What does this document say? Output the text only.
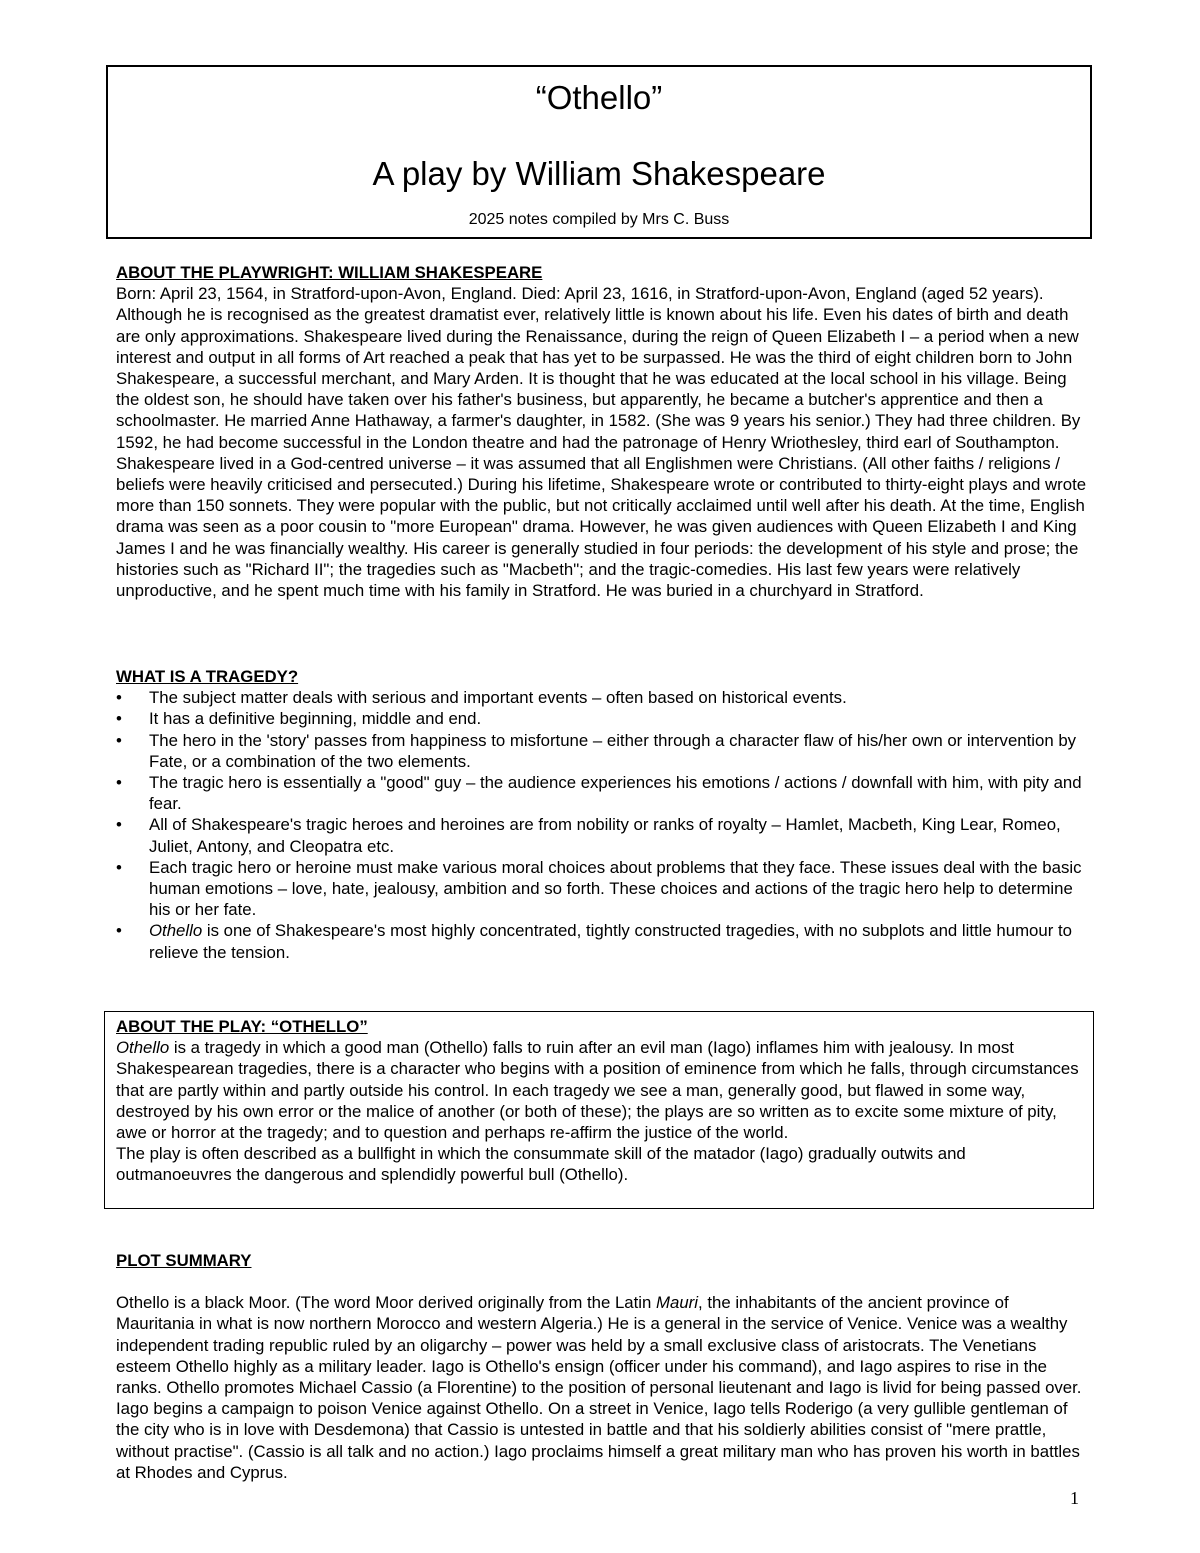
“Othello”
A play by William Shakespeare
2025 notes compiled by Mrs C. Buss
ABOUT THE PLAYWRIGHT: WILLIAM SHAKESPEARE

Born: April 23, 1564, in Stratford-upon-Avon, England. Died: April 23, 1616, in Stratford-upon-Avon, England (aged 52 years). Although he is recognised as the greatest dramatist ever, relatively little is known about his life. Even his dates of birth and death are only approximations. Shakespeare lived during the Renaissance, during the reign of Queen Elizabeth I – a period when a new interest and output in all forms of Art reached a peak that has yet to be surpassed. He was the third of eight children born to John Shakespeare, a successful merchant, and Mary Arden. It is thought that he was educated at the local school in his village. Being the oldest son, he should have taken over his father's business, but apparently, he became a butcher's apprentice and then a schoolmaster. He married Anne Hathaway, a farmer's daughter, in 1582. (She was 9 years his senior.) They had three children. By 1592, he had become successful in the London theatre and had the patronage of Henry Wriothesley, third earl of Southampton. Shakespeare lived in a God-centred universe – it was assumed that all Englishmen were Christians. (All other faiths / religions / beliefs were heavily criticised and persecuted.) During his lifetime, Shakespeare wrote or contributed to thirty-eight plays and wrote more than 150 sonnets. They were popular with the public, but not critically acclaimed until well after his death. At the time, English drama was seen as a poor cousin to "more European" drama. However, he was given audiences with Queen Elizabeth I and King James I and he was financially wealthy. His career is generally studied in four periods: the development of his style and prose; the histories such as "Richard II"; the tragedies such as "Macbeth"; and the tragic-comedies. His last few years were relatively unproductive, and he spent much time with his family in Stratford. He was buried in a churchyard in Stratford.

WHAT IS A TRAGEDY?
• The subject matter deals with serious and important events – often based on historical events.
• It has a definitive beginning, middle and end.
• The hero in the 'story' passes from happiness to misfortune – either through a character flaw of his/her own or intervention by Fate, or a combination of the two elements.
• The tragic hero is essentially a "good" guy – the audience experiences his emotions / actions / downfall with him, with pity and fear.
• All of Shakespeare's tragic heroes and heroines are from nobility or ranks of royalty – Hamlet, Macbeth, King Lear, Romeo, Juliet, Antony, and Cleopatra etc.
• Each tragic hero or heroine must make various moral choices about problems that they face. These issues deal with the basic human emotions – love, hate, jealousy, ambition and so forth. These choices and actions of the tragic hero help to determine his or her fate.
• Othello is one of Shakespeare's most highly concentrated, tightly constructed tragedies, with no subplots and little humour to relieve the tension.
ABOUT THE PLAY: “OTHELLO”

Othello is a tragedy in which a good man (Othello) falls to ruin after an evil man (Iago) inflames him with jealousy. In most Shakespearean tragedies, there is a character who begins with a position of eminence from which he falls, through circumstances that are partly within and partly outside his control. In each tragedy we see a man, generally good, but flawed in some way, destroyed by his own error or the malice of another (or both of these); the plays are so written as to excite some mixture of pity, awe or horror at the tragedy; and to question and perhaps re-affirm the justice of the world.

The play is often described as a bullfight in which the consummate skill of the matador (Iago) gradually outwits and outmanoeuvres the dangerous and splendidly powerful bull (Othello).

PLOT SUMMARY

Othello is a black Moor. (The word Moor derived originally from the Latin Mauri, the inhabitants of the ancient province of Mauritania in what is now northern Morocco and western Algeria.) He is a general in the service of Venice. Venice was a wealthy independent trading republic ruled by an oligarchy – power was held by a small exclusive class of aristocrats. The Venetians esteem Othello highly as a military leader. Iago is Othello's ensign (officer under his command), and Iago aspires to rise in the ranks. Othello promotes Michael Cassio (a Florentine) to the position of personal lieutenant and Iago is livid for being passed over. Iago begins a campaign to poison Venice against Othello. On a street in Venice, Iago tells Roderigo (a very gullible gentleman of the city who is in love with Desdemona) that Cassio is untested in battle and that his soldierly abilities consist of "mere prattle, without practise". (Cassio is all talk and no action.) Iago proclaims himself a great military man who has proven his worth in battles at Rhodes and Cyprus.

1
